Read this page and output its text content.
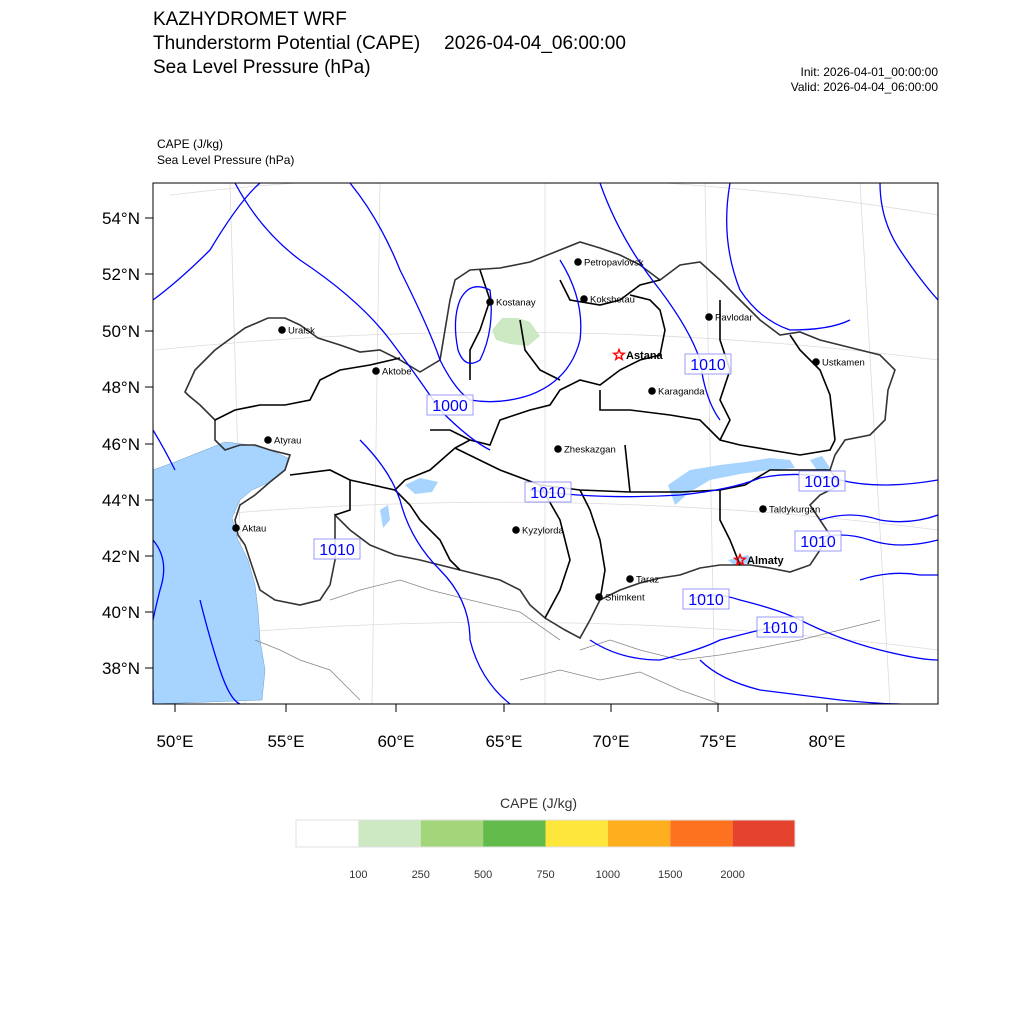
KAZHYDROMET WRF
Thunderstorm Potential (CAPE) 2026-04-04_06:00:00
Sea Level Pressure (hPa)	Init: 2026-04-01_00:00:00
Valid: 2026-04-04_06:00:00
CAPE (J/kg)
Sea Level Pressure (hPa)
1010
1000
1010
1010
1010	1010
1010
1010
Petropavlovsk
Kostanay	Kokshetau
Pavlodar
Uralsk
Astana
Aktobe
Ustkamen
Karaganda
Atyrau
Zheskazgan
Taldykurgan
Aktau	Kyzylorda
Almaty
Taraz
Shimkent
50°E	55°E	60°E	65°E	70°E	75°E	80°E
54°N
52°N
50°N
48°N
46°N
44°N
42°N
40°N
38°N
100	250	500	750	1000	1500	2000
CAPE (J/kg)
